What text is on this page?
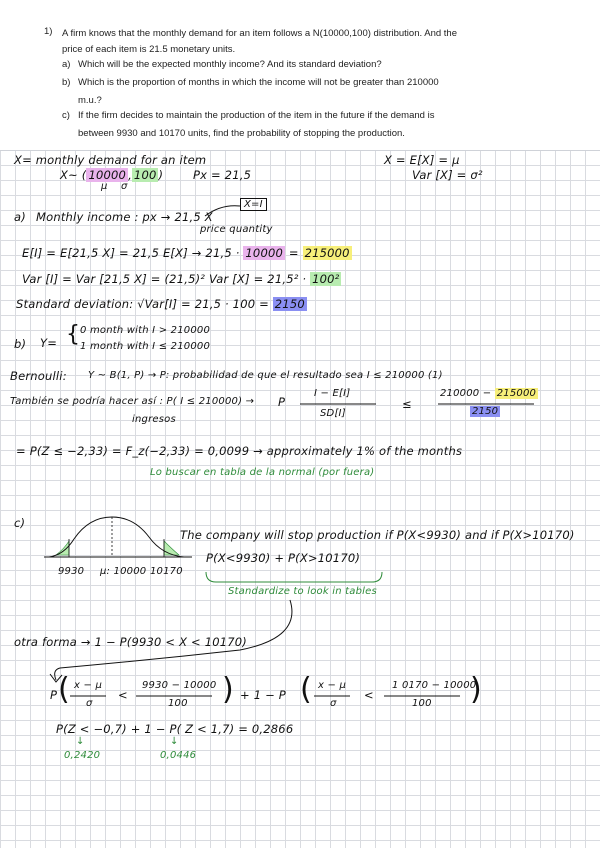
1) A firm knows that the monthly demand for an item follows a N(10000,100) distribution. And the
price of each item is 21.5 monetary units.
a) Which will be the expected monthly income? And its standard deviation?
b) Which is the proportion of months in which the income will not be greater than 210000
m.u.?
c) If the firm decides to maintain the production of the item in the future if the demand is
between 9930 and 10170 units, find the probability of stopping the production.
X= monthly demand for an item
X~ ( 10000 , 100 )
μ σ
Px = 21,5
X = E[X] = μ
Var [X] = σ²
a) Monthly income : px → 21,5 X
price quantity
X=I
E[I] = E[21,5 X] = 21,5 E[X] → 21,5 · 10000 = 215000
Var [I] = Var [21,5 X] = (21,5)² Var [X] = 21,5² · 100²
Standard deviation: √Var[I] = 21,5 · 100 = 2150
b) Y= { 0 month with I > 210000
1 month with I ≤ 210000
Bernoulli: Y ~ B(1, P) → P: probabilidad de que el resultado sea I ≤ 210000 (1)
También se podría hacer así : P( I ≤ 210000) →
ingresos
P
I − E[I]
SD[I]
≤
210000 − 215000
2150
= P(Z ≤ −2,33) = F_z(−2,33) = 0,0099 → approximately 1% of the months
Lo buscar en tabla de la normal (por fuera)
c)
9930 μ: 10000 10170
The company will stop production if P(X<9930) and if P(X>10170)
P(X<9930) + P(X>10170)
Standardize to look in tables
otra forma → 1 − P(9930 < X < 10170)
P ( x − μ
σ
<
9930 − 10000
100 ) + 1 − P ( x − μ
σ
<
1 0170 − 10000
100 )
P(Z < −0,7) + 1 − P( Z < 1,7) = 0,2866
↓	↓
0,2420	0,0446
